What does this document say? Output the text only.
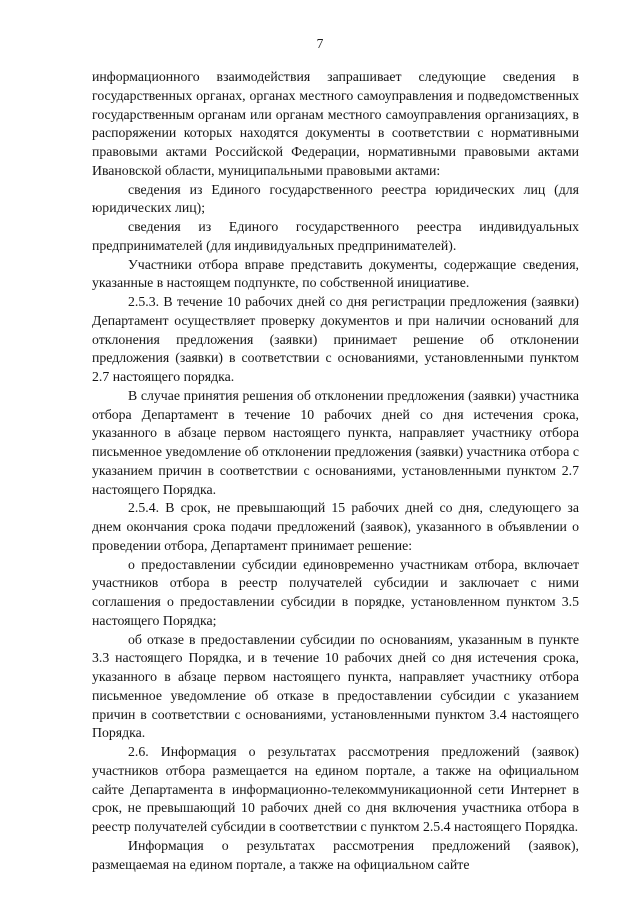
7

информационного взаимодействия запрашивает следующие сведения в государственных органах, органах местного самоуправления и подведомственных государственным органам или органам местного самоуправления организациях, в распоряжении которых находятся документы в соответствии с нормативными правовыми актами Российской Федерации, нормативными правовыми актами Ивановской области, муниципальными правовыми актами:

сведения из Единого государственного реестра юридических лиц (для юридических лиц);

сведения из Единого государственного реестра индивидуальных предпринимателей (для индивидуальных предпринимателей).

Участники отбора вправе представить документы, содержащие сведения, указанные в настоящем подпункте, по собственной инициативе.

2.5.3. В течение 10 рабочих дней со дня регистрации предложения (заявки) Департамент осуществляет проверку документов и при наличии оснований для отклонения предложения (заявки) принимает решение об отклонении предложения (заявки) в соответствии с основаниями, установленными пунктом 2.7 настоящего порядка.

В случае принятия решения об отклонении предложения (заявки) участника отбора Департамент в течение 10 рабочих дней со дня истечения срока, указанного в абзаце первом настоящего пункта, направляет участнику отбора письменное уведомление об отклонении предложения (заявки) участника отбора с указанием причин в соответствии с основаниями, установленными пунктом 2.7 настоящего Порядка.

2.5.4. В срок, не превышающий 15 рабочих дней со дня, следующего за днем окончания срока подачи предложений (заявок), указанного в объявлении о проведении отбора, Департамент принимает решение:

о предоставлении субсидии единовременно участникам отбора, включает участников отбора в реестр получателей субсидии и заключает с ними соглашения о предоставлении субсидии в порядке, установленном пунктом 3.5 настоящего Порядка;

об отказе в предоставлении субсидии по основаниям, указанным в пункте 3.3 настоящего Порядка, и в течение 10 рабочих дней со дня истечения срока, указанного в абзаце первом настоящего пункта, направляет участнику отбора письменное уведомление об отказе в предоставлении субсидии с указанием причин в соответствии с основаниями, установленными пунктом 3.4 настоящего Порядка.

2.6. Информация о результатах рассмотрения предложений (заявок) участников отбора размещается на едином портале, а также на официальном сайте Департамента в информационно-телекоммуникационной сети Интернет в срок, не превышающий 10 рабочих дней со дня включения участника отбора в реестр получателей субсидии в соответствии с пунктом 2.5.4 настоящего Порядка.

Информация о результатах рассмотрения предложений (заявок), размещаемая на едином портале, а также на официальном сайте
